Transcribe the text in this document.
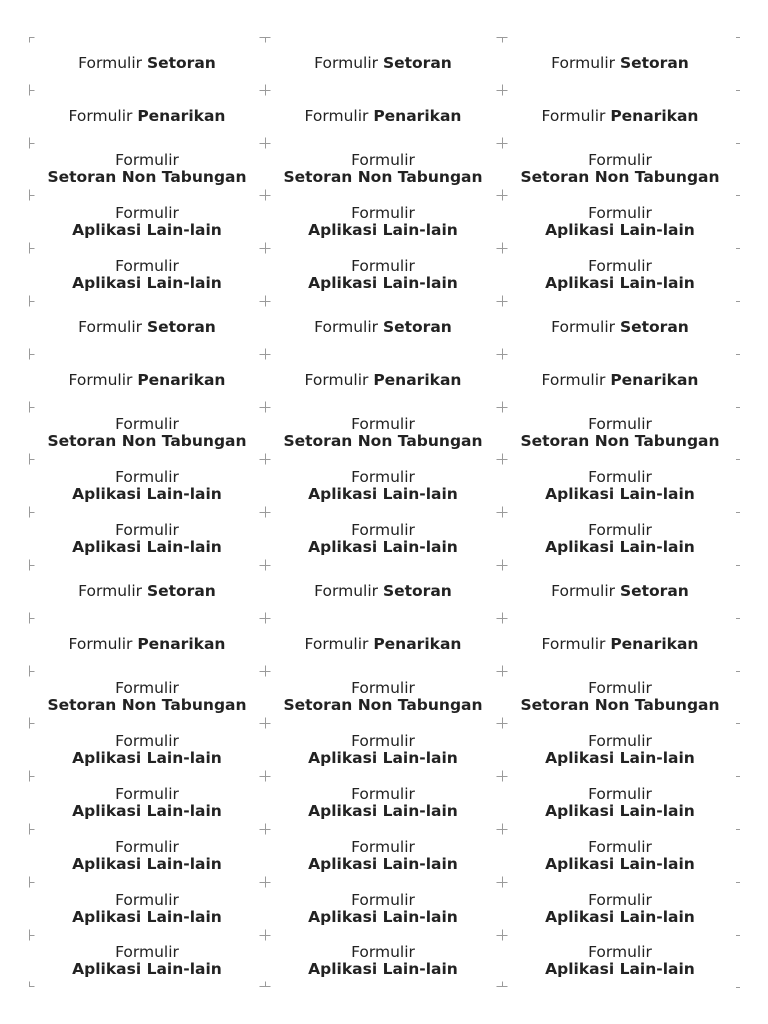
Formulir Setoran	Formulir Setoran	Formulir Setoran
Formulir Penarikan	Formulir Penarikan	Formulir Penarikan
Formulir
Setoran Non Tabungan
Formulir
Setoran Non Tabungan
Formulir
Setoran Non Tabungan
Formulir
Aplikasi Lain-lain
Formulir
Aplikasi Lain-lain
Formulir
Aplikasi Lain-lain
Formulir
Aplikasi Lain-lain
Formulir
Aplikasi Lain-lain
Formulir
Aplikasi Lain-lain
Formulir Setoran	Formulir Setoran	Formulir Setoran
Formulir Penarikan	Formulir Penarikan	Formulir Penarikan
Formulir
Setoran Non Tabungan
Formulir
Setoran Non Tabungan
Formulir
Setoran Non Tabungan
Formulir
Aplikasi Lain-lain
Formulir
Aplikasi Lain-lain
Formulir
Aplikasi Lain-lain
Formulir
Aplikasi Lain-lain
Formulir
Aplikasi Lain-lain
Formulir
Aplikasi Lain-lain
Formulir Setoran	Formulir Setoran	Formulir Setoran
Formulir Penarikan	Formulir Penarikan	Formulir Penarikan
Formulir
Setoran Non Tabungan
Formulir
Setoran Non Tabungan
Formulir
Setoran Non Tabungan
Formulir
Aplikasi Lain-lain
Formulir
Aplikasi Lain-lain
Formulir
Aplikasi Lain-lain
Formulir
Aplikasi Lain-lain
Formulir
Aplikasi Lain-lain
Formulir
Aplikasi Lain-lain
Formulir
Aplikasi Lain-lain
Formulir
Aplikasi Lain-lain
Formulir
Aplikasi Lain-lain
Formulir
Aplikasi Lain-lain
Formulir
Aplikasi Lain-lain
Formulir
Aplikasi Lain-lain
Formulir
Aplikasi Lain-lain
Formulir
Aplikasi Lain-lain
Formulir
Aplikasi Lain-lain
